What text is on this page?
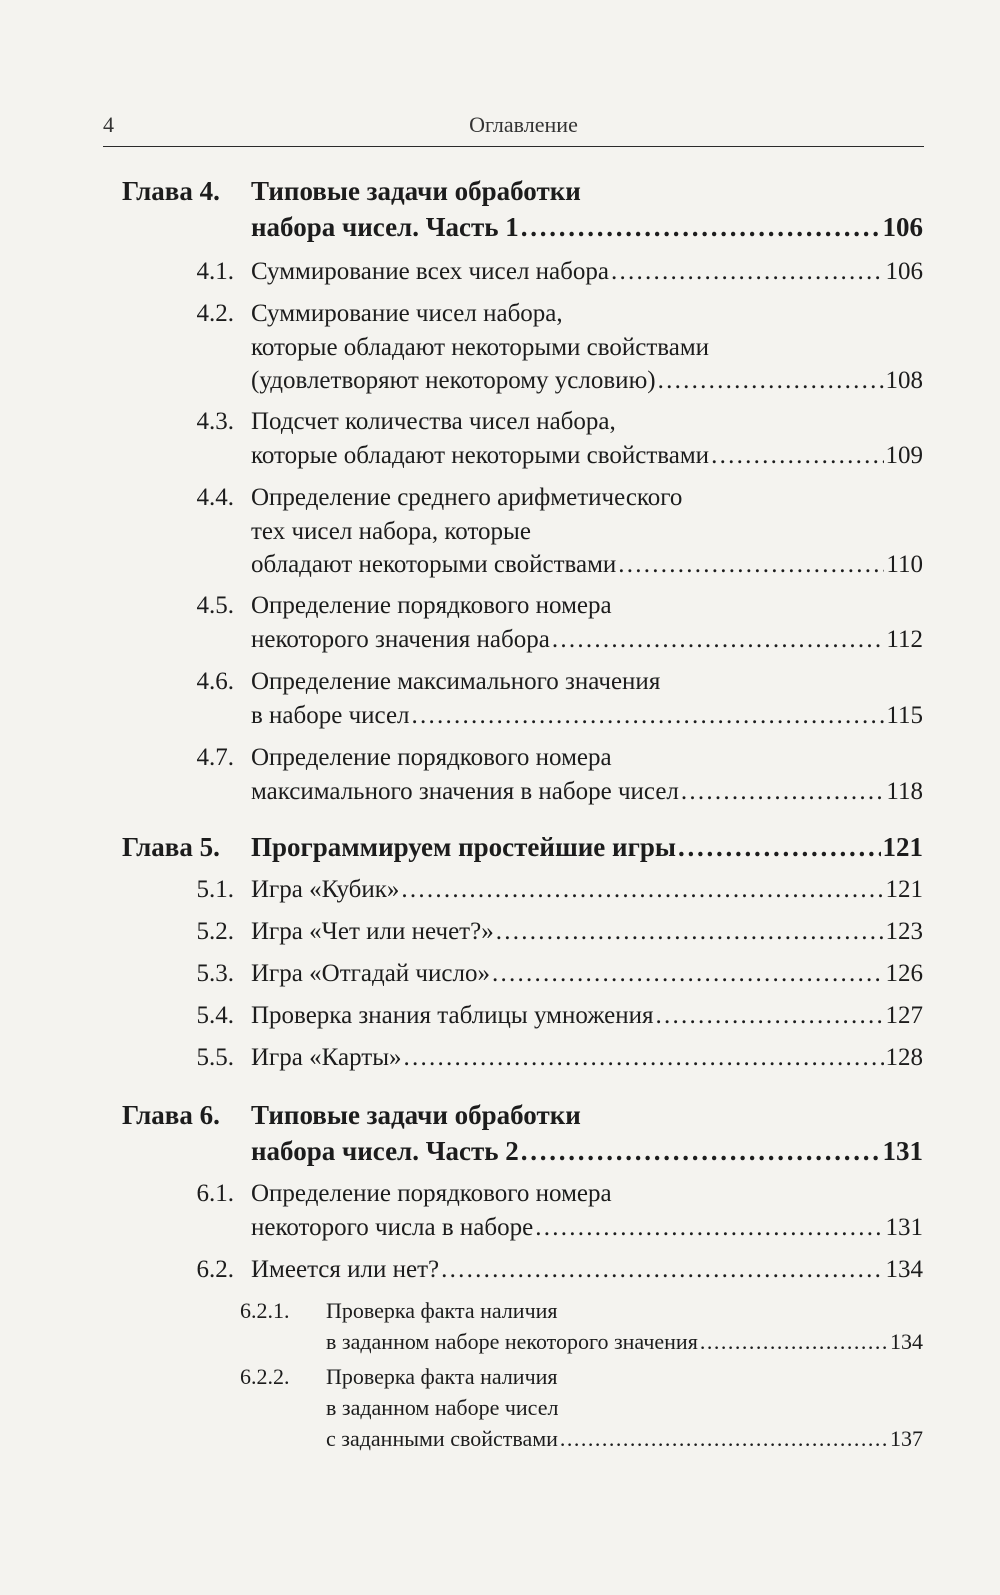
4	Оглавление
Глава 4. Типовые задачи обработки
набора чисел. Часть 1 . . .	106
4.1. Суммирование всех чисел набора . . .	106
4.2. Суммирование чисел набора,
которые обладают некоторыми свойствами
(удовлетворяют некоторому условию) . . .	108
4.3. Подсчет количества чисел набора,
которые обладают некоторыми свойствами . . .	109
4.4. Определение среднего арифметического
тех чисел набора, которые
обладают некоторыми свойствами . . .	110
4.5. Определение порядкового номера
некоторого значения набора . . .	112
4.6. Определение максимального значения
в наборе чисел . . .	115
4.7. Определение порядкового номера
максимального значения в наборе чисел . . .	118
Глава 5. Программируем простейшие игры . . .	121
5.1. Игра «Кубик» . . .	121
5.2. Игра «Чет или нечет?» . . .	123
5.3. Игра «Отгадай число» . . .	126
5.4. Проверка знания таблицы умножения . . .	127
5.5. Игра «Карты» . . .	128
Глава 6. Типовые задачи обработки
набора чисел. Часть 2 . . .	131
6.1. Определение порядкового номера
некоторого числа в наборе . . .	131
6.2. Имеется или нет? . . .	134
6.2.1.	Проверка факта наличия
в заданном наборе некоторого значения . . .	134
6.2.2.	Проверка факта наличия
в заданном наборе чисел
с заданными свойствами . . .	137
